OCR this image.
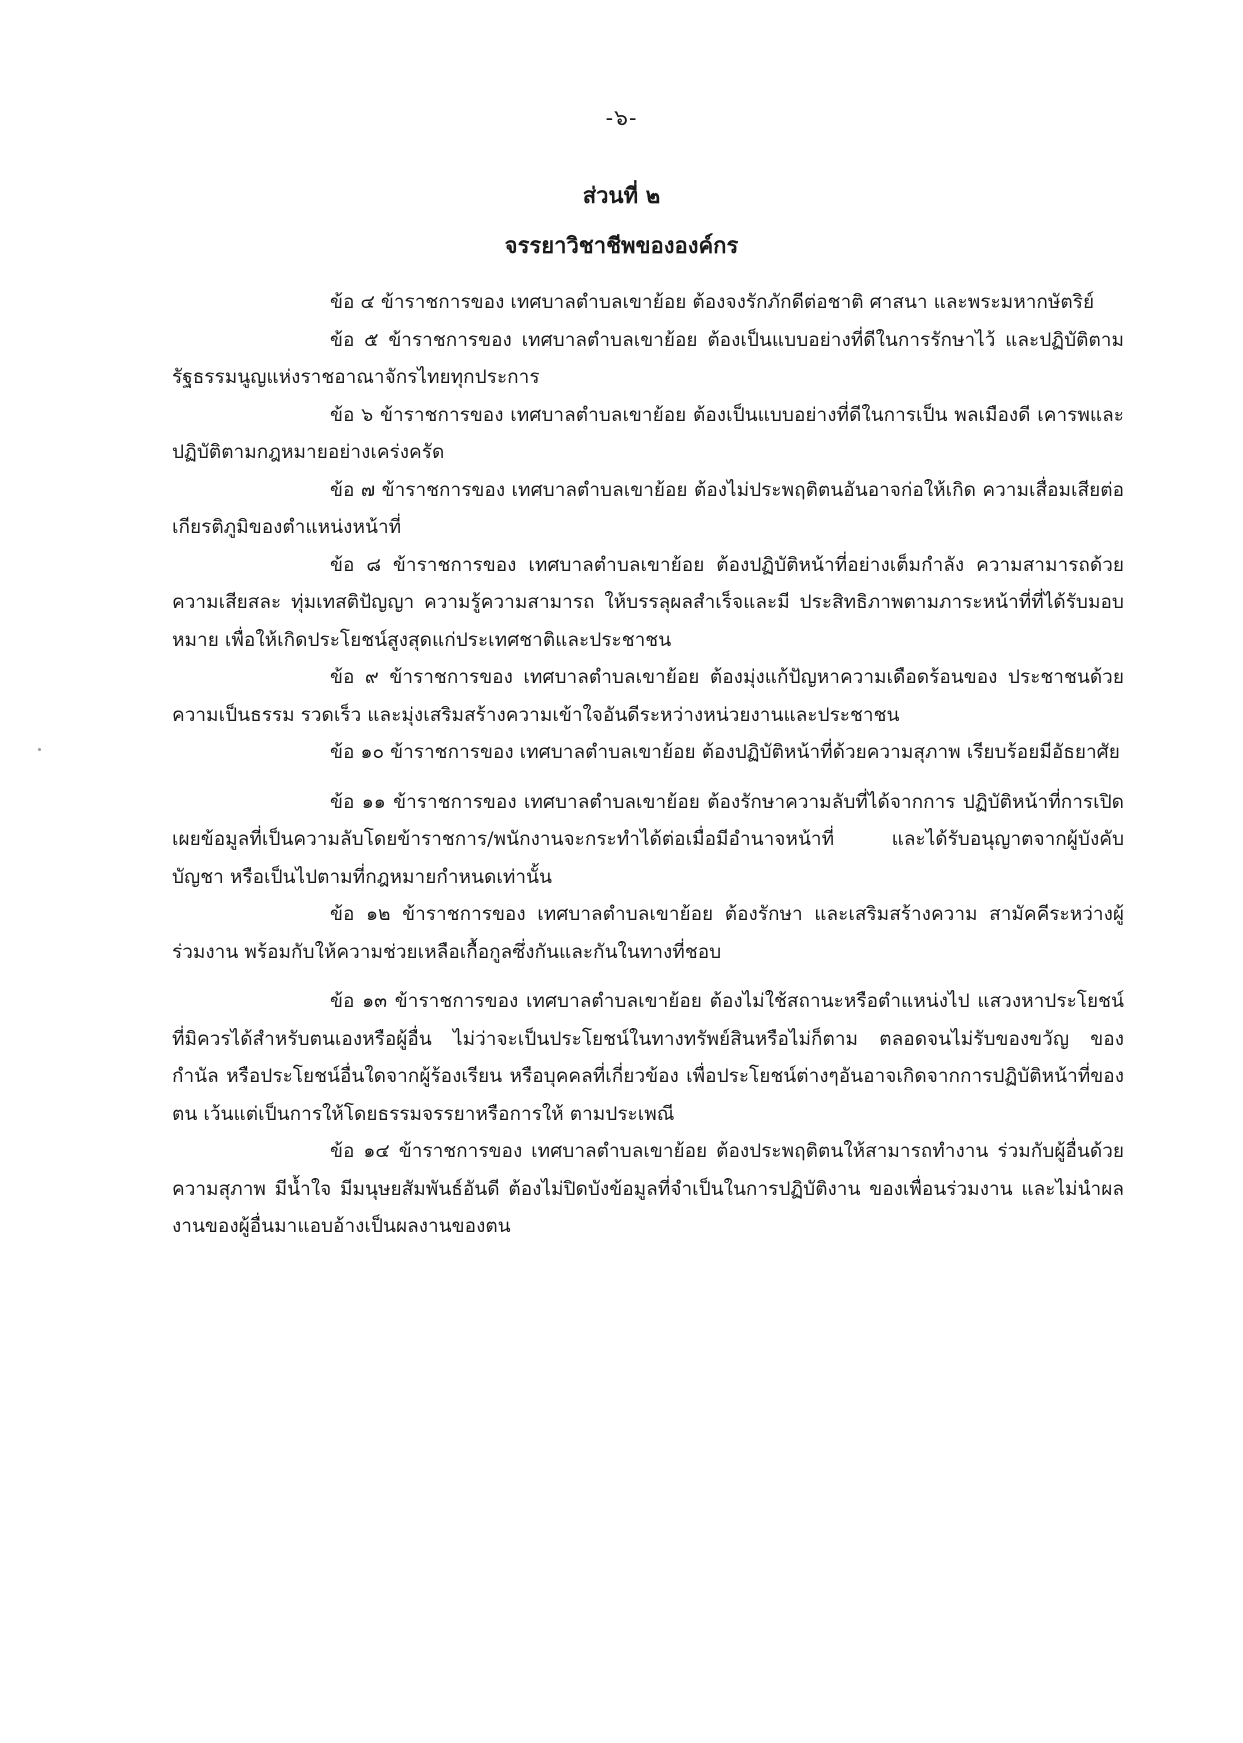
-๖-
ส่วนที่ ๒
จรรยาวิชาชีพขององค์กร

ข้อ ๔ ข้าราชการของ เทศบาลตำบลเขาย้อย ต้องจงรักภักดีต่อชาติ ศาสนา และพระมหากษัตริย์

ข้อ ๕ ข้าราชการของ เทศบาลตำบลเขาย้อย ต้องเป็นแบบอย่างที่ดีในการรักษาไว้ และปฏิบัติตามรัฐธรรมนูญแห่งราชอาณาจักรไทยทุกประการ

ข้อ ๖ ข้าราชการของ เทศบาลตำบลเขาย้อย ต้องเป็นแบบอย่างที่ดีในการเป็น พลเมืองดี เคารพและปฏิบัติตามกฎหมายอย่างเคร่งครัด

ข้อ ๗ ข้าราชการของ เทศบาลตำบลเขาย้อย ต้องไม่ประพฤติตนอันอาจก่อให้เกิด ความเสื่อมเสียต่อเกียรติภูมิของตำแหน่งหน้าที่

ข้อ ๘ ข้าราชการของ เทศบาลตำบลเขาย้อย ต้องปฏิบัติหน้าที่อย่างเต็มกำลัง ความสามารถด้วยความเสียสละ ทุ่มเทสติปัญญา ความรู้ความสามารถ ให้บรรลุผลสำเร็จและมี ประสิทธิภาพตามภาระหน้าที่ที่ได้รับมอบหมาย เพื่อให้เกิดประโยชน์สูงสุดแก่ประเทศชาติและประชาชน

ข้อ ๙ ข้าราชการของ เทศบาลตำบลเขาย้อย ต้องมุ่งแก้ปัญหาความเดือดร้อนของ ประชาชนด้วยความเป็นธรรม รวดเร็ว และมุ่งเสริมสร้างความเข้าใจอันดีระหว่างหน่วยงานและประชาชน

ข้อ ๑๐ ข้าราชการของ เทศบาลตำบลเขาย้อย ต้องปฏิบัติหน้าที่ด้วยความสุภาพ เรียบร้อยมีอัธยาศัย

ข้อ ๑๑ ข้าราชการของ เทศบาลตำบลเขาย้อย ต้องรักษาความลับที่ได้จากการ ปฏิบัติหน้าที่การเปิดเผยข้อมูลที่เป็นความลับโดยข้าราชการ/พนักงานจะกระทำได้ต่อเมื่อมีอำนาจหน้าที่ และได้รับอนุญาตจากผู้บังคับบัญชา หรือเป็นไปตามที่กฎหมายกำหนดเท่านั้น

ข้อ ๑๒ ข้าราชการของ เทศบาลตำบลเขาย้อย ต้องรักษา และเสริมสร้างความ สามัคคีระหว่างผู้ร่วมงาน พร้อมกับให้ความช่วยเหลือเกื้อกูลซึ่งกันและกันในทางที่ชอบ

ข้อ ๑๓ ข้าราชการของ เทศบาลตำบลเขาย้อย ต้องไม่ใช้สถานะหรือตำแหน่งไป แสวงหาประโยชน์ที่มิควรได้สำหรับตนเองหรือผู้อื่น ไม่ว่าจะเป็นประโยชน์ในทางทรัพย์สินหรือไม่ก็ตาม ตลอดจนไม่รับของขวัญ ของกำนัล หรือประโยชน์อื่นใดจากผู้ร้องเรียน หรือบุคคลที่เกี่ยวข้อง เพื่อประโยชน์ต่างๆอันอาจเกิดจากการปฏิบัติหน้าที่ของตน เว้นแต่เป็นการให้โดยธรรมจรรยาหรือการให้ ตามประเพณี

ข้อ ๑๔ ข้าราชการของ เทศบาลตำบลเขาย้อย ต้องประพฤติตนให้สามารถทำงาน ร่วมกับผู้อื่นด้วยความสุภาพ มีน้ำใจ มีมนุษยสัมพันธ์อันดี ต้องไม่ปิดบังข้อมูลที่จำเป็นในการปฏิบัติงาน ของเพื่อนร่วมงาน และไม่นำผลงานของผู้อื่นมาแอบอ้างเป็นผลงานของตน
